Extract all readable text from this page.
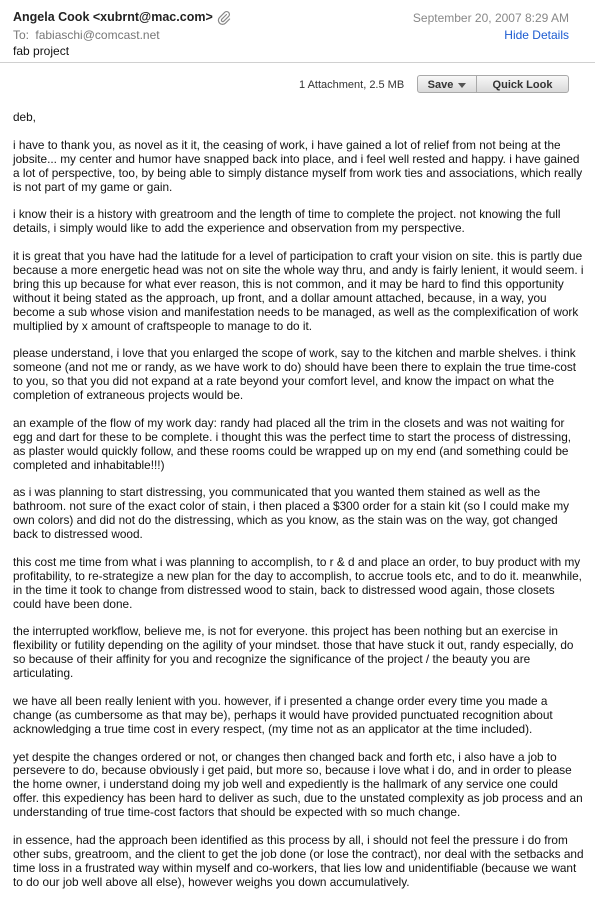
Angela Cook <xubrnt@mac.com>	September 20, 2007 8:29 AM
To: fabiaschi@comcast.net	Hide Details
fab project
1 Attachment, 2.5 MB	Save	Quick Look

deb,

i have to thank you, as novel as it it, the ceasing of work, i have gained a lot of relief from not being at the jobsite... my center and humor have snapped back into place, and i feel well rested and happy. i have gained a lot of perspective, too, by being able to simply distance myself from work ties and associations, which really is not part of my game or gain.

i know their is a history with greatroom and the length of time to complete the project. not knowing the full details, i simply would like to add the experience and observation from my perspective.

it is great that you have had the latitude for a level of participation to craft your vision on site. this is partly due because a more energetic head was not on site the whole way thru, and andy is fairly lenient, it would seem. i bring this up because for what ever reason, this is not common, and it may be hard to find this opportunity without it being stated as the approach, up front, and a dollar amount attached, because, in a way, you become a sub whose vision and manifestation needs to be managed, as well as the complexification of work multiplied by x amount of craftspeople to manage to do it.

please understand, i love that you enlarged the scope of work, say to the kitchen and marble shelves. i think someone (and not me or randy, as we have work to do) should have been there to explain the true time-cost to you, so that you did not expand at a rate beyond your comfort level, and know the impact on what the completion of extraneous projects would be.

an example of the flow of my work day: randy had placed all the trim in the closets and was not waiting for egg and dart for these to be complete. i thought this was the perfect time to start the process of distressing, as plaster would quickly follow, and these rooms could be wrapped up on my end (and something could be completed and inhabitable!!!)

as i was planning to start distressing, you communicated that you wanted them stained as well as the bathroom. not sure of the exact color of stain, i then placed a $300 order for a stain kit (so I could make my own colors) and did not do the distressing, which as you know, as the stain was on the way, got changed back to distressed wood.

this cost me time from what i was planning to accomplish, to r & d and place an order, to buy product with my profitability, to re-strategize a new plan for the day to accomplish, to accrue tools etc, and to do it. meanwhile, in the time it took to change from distressed wood to stain, back to distressed wood again, those closets could have been done.

the interrupted workflow, believe me, is not for everyone. this project has been nothing but an exercise in flexibility or futility depending on the agility of your mindset. those that have stuck it out, randy especially, do so because of their affinity for you and recognize the significance of the project / the beauty you are articulating.

we have all been really lenient with you. however, if i presented a change order every time you made a change (as cumbersome as that may be), perhaps it would have provided punctuated recognition about acknowledging a true time cost in every respect, (my time not as an applicator at the time included).

yet despite the changes ordered or not, or changes then changed back and forth etc, i also have a job to persevere to do, because obviously i get paid, but more so, because i love what i do, and in order to please the home owner, i understand doing my job well and expediently is the hallmark of any service one could offer. this expediency has been hard to deliver as such, due to the unstated complexity as job process and an understanding of true time-cost factors that should be expected with so much change.

in essence, had the approach been identified as this process by all, i should not feel the pressure i do from other subs, greatroom, and the client to get the job done (or lose the contract), nor deal with the setbacks and time loss in a frustrated way within myself and co-workers, that lies low and unidentifiable (because we want to do our job well above all else), however weighs you down accumulatively.
